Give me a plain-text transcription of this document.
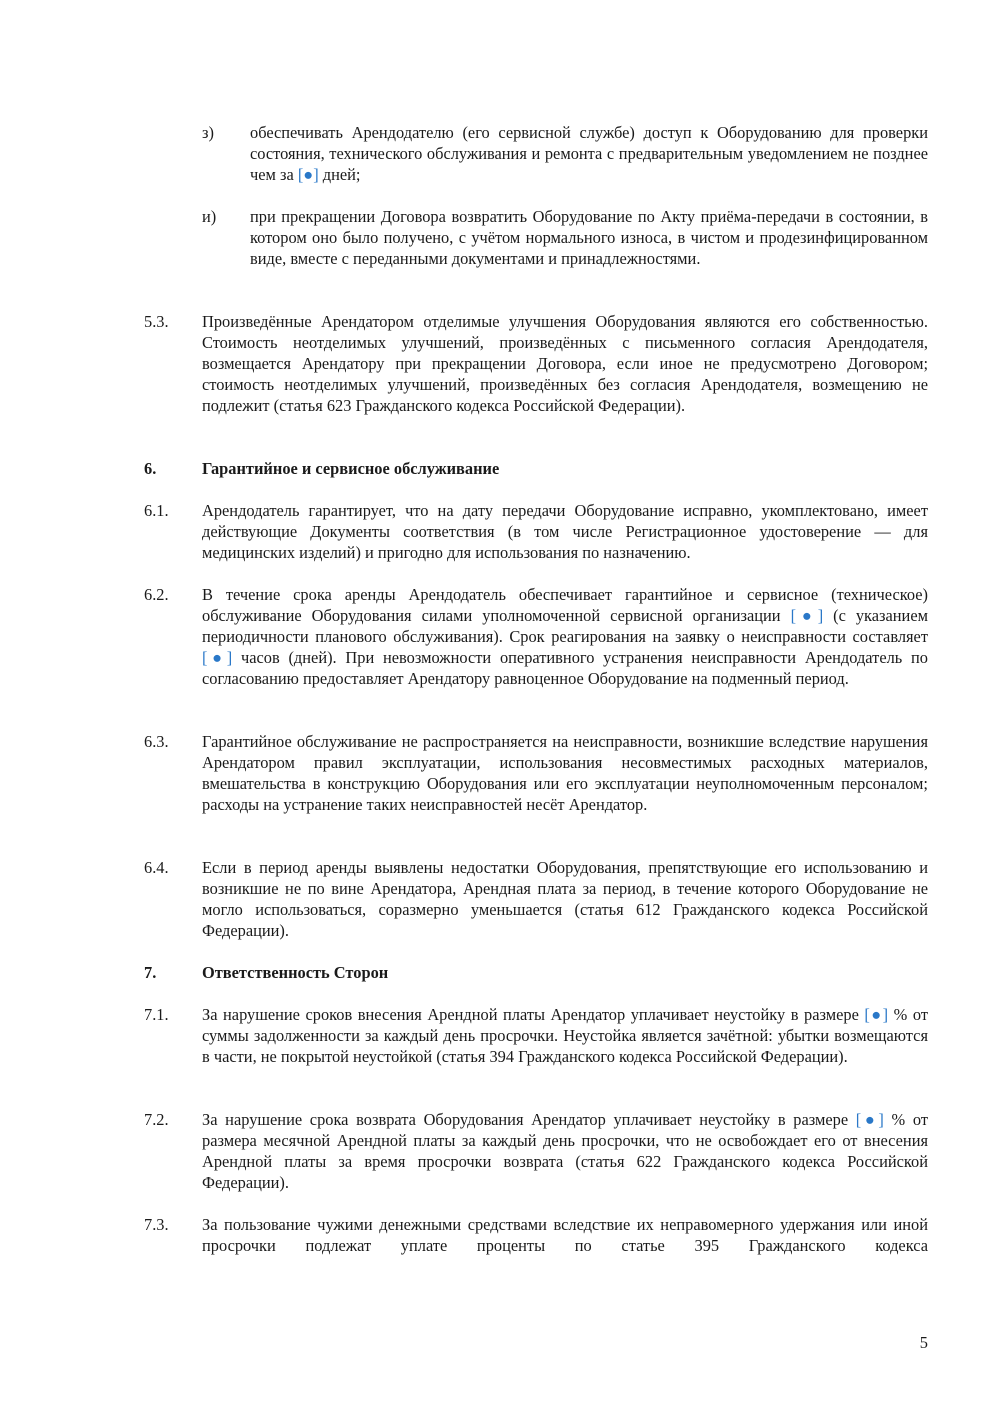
з) обеспечивать Арендодателю (его сервисной службе) доступ к Оборудованию для проверки состояния, технического обслуживания и ремонта с предварительным уведомлением не позднее чем за [●] дней;
и) при прекращении Договора возвратить Оборудование по Акту приёма-передачи в состоянии, в котором оно было получено, с учётом нормального износа, в чистом и продезинфицированном виде, вместе с переданными документами и принадлежностями.
5.3. Произведённые Арендатором отделимые улучшения Оборудования являются его собственностью. Стоимость неотделимых улучшений, произведённых с письменного согласия Арендодателя, возмещается Арендатору при прекращении Договора, если иное не предусмотрено Договором; стоимость неотделимых улучшений, произведённых без согласия Арендодателя, возмещению не подлежит (статья 623 Гражданского кодекса Российской Федерации).
6.	Гарантийное и сервисное обслуживание
6.1. Арендодатель гарантирует, что на дату передачи Оборудование исправно, укомплектовано, имеет действующие Документы соответствия (в том числе Регистрационное удостоверение — для медицинских изделий) и пригодно для использования по назначению.
6.2. В течение срока аренды Арендодатель обеспечивает гарантийное и сервисное (техническое) обслуживание Оборудования силами уполномоченной сервисной организации [●] (с указанием периодичности планового обслуживания). Срок реагирования на заявку о неисправности составляет [●] часов (дней). При невозможности оперативного устранения неисправности Арендодатель по согласованию предоставляет Арендатору равноценное Оборудование на подменный период.
6.3. Гарантийное обслуживание не распространяется на неисправности, возникшие вследствие нарушения Арендатором правил эксплуатации, использования несовместимых расходных материалов, вмешательства в конструкцию Оборудования или его эксплуатации неуполномоченным персоналом; расходы на устранение таких неисправностей несёт Арендатор.
6.4. Если в период аренды выявлены недостатки Оборудования, препятствующие его использованию и возникшие не по вине Арендатора, Арендная плата за период, в течение которого Оборудование не могло использоваться, соразмерно уменьшается (статья 612 Гражданского кодекса Российской Федерации).
7.	Ответственность Сторон
7.1. За нарушение сроков внесения Арендной платы Арендатор уплачивает неустойку в размере [●] % от суммы задолженности за каждый день просрочки. Неустойка является зачётной: убытки возмещаются в части, не покрытой неустойкой (статья 394 Гражданского кодекса Российской Федерации).
7.2. За нарушение срока возврата Оборудования Арендатор уплачивает неустойку в размере [●] % от размера месячной Арендной платы за каждый день просрочки, что не освобождает его от внесения Арендной платы за время просрочки возврата (статья 622 Гражданского кодекса Российской Федерации).
7.3. За пользование чужими денежными средствами вследствие их неправомерного удержания или иной просрочки подлежат уплате проценты по статье 395 Гражданского кодекса
5
